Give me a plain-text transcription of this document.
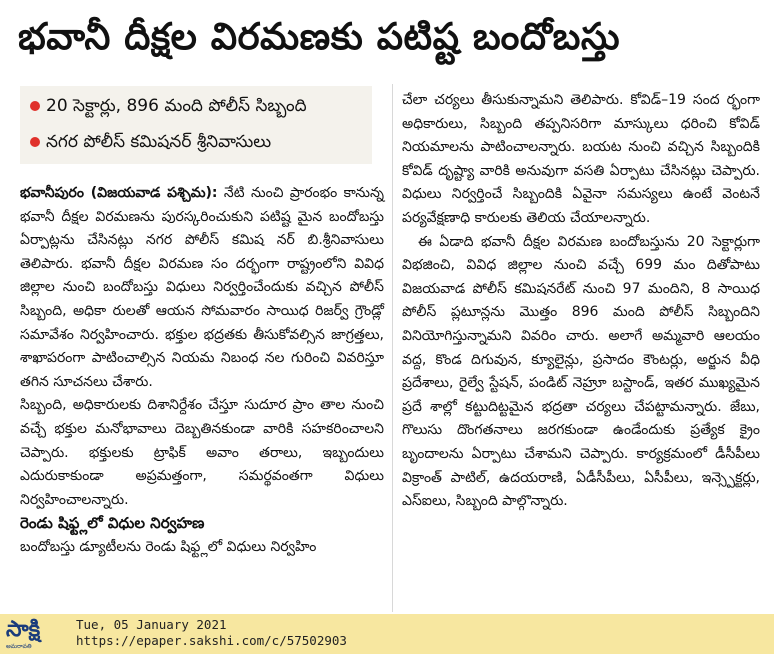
భవానీ దీక్షల విరమణకు పటిష్ట బందోబస్తు
20 సెక్టార్లు, 896 మంది పోలీస్ సిబ్బంది
నగర పోలీస్ కమిషనర్ శ్రీనివాసులు

భవానీపురం (విజయవాడ పశ్చిమ): నేటి నుంచి ప్రారంభం కానున్న భవానీ దీక్షల విరమణను పురస్కరించుకుని పటిష్ట మైన బందోబస్తు ఏర్పాట్లను చేసినట్లు నగర పోలీస్ కమిష నర్ బి.శ్రీనివాసులు తెలిపారు. భవానీ దీక్షల విరమణ సం దర్భంగా రాష్ట్రంలోని వివిధ జిల్లాల నుంచి బందోబస్తు విధులు నిర్వర్తించేందుకు వచ్చిన పోలీస్ సిబ్బంది, అధికా రులతో ఆయన సోమవారం సాయిధ రిజర్వ్ గ్రౌండ్లో సమావేశం నిర్వహించారు. భక్తుల భద్రతకు తీసుకోవల్సిన జాగ్రత్తలు, శాఖాపరంగా పాటించాల్సిన నియమ నిబంధ నల గురించి వివరిస్తూ తగిన సూచనలు చేశారు.

సిబ్బంది, అధికారులకు దిశానిర్దేశం చేస్తూ సుదూర ప్రాం తాల నుంచి వచ్చే భక్తుల మనోభావాలు దెబ్బతినకుండా వారికి సహకరించాలని చెప్పారు. భక్తులకు ట్రాఫిక్ అవాం తరాలు, ఇబ్బందులు ఎదురుకాకుండా అప్రమత్తంగా, సమర్థవంతగా విధులు నిర్వహించాలన్నారు.

రెండు షిఫ్ట్లలో విధుల నిర్వహణ

బందోబస్తు డ్యూటీలను రెండు షిఫ్ట్లలో విధులు నిర్వహిం

చేలా చర్యలు తీసుకున్నామని తెలిపారు. కోవిడ్–19 సంద ర్భంగా అధికారులు, సిబ్బంది తప్పనిసరిగా మాస్కులు ధరించి కోవిడ్ నియమాలను పాటించాలన్నారు. బయట నుంచి వచ్చిన సిబ్బందికి కోవిడ్ దృష్ట్యా వారికి అనువుగా వసతి ఏర్పాటు చేసినట్లు చెప్పారు. విధులు నిర్వర్తించే సిబ్బందికి ఏవైనా సమస్యలు ఉంటే వెంటనే పర్యవేక్షణాధి కారులకు తెలియ చేయాలన్నారు.

ఈ ఏడాది భవానీ దీక్షల విరమణ బందోబస్తును 20 సెక్టార్లుగా విభజించి, వివిధ జిల్లాల నుంచి వచ్చే 699 మం దితోపాటు విజయవాడ పోలీస్ కమిషనరేట్ నుంచి 97 మందిని, 8 సాయిధ పోలీస్ ప్లటూన్లను మొత్తం 896 మంది పోలీస్ సిబ్బందిని వినియోగిస్తున్నామని వివరిం చారు. అలాగే అమ్మవారి ఆలయం వద్ద, కొండ దిగువున, క్యూలైన్లు, ప్రసాదం కౌంటర్లు, అర్జున వీధి ప్రదేశాలు, రైల్వే స్టేషన్, పండిట్ నెహ్రూ బస్టాండ్, ఇతర ముఖ్యమైన ప్రదే శాల్లో కట్టుదిట్టమైన భద్రతా చర్యలు చేపట్టామన్నారు. జేబు, గొలుసు దొంగతనాలు జరగకుండా ఉండేందుకు ప్రత్యేక క్రైం బృందాలను ఏర్పాటు చేశామని చెప్పారు. కార్యక్రమంలో డీసీపీలు విక్రాంత్ పాటిల్, ఉదయరాణి, ఏడీసీపీలు, ఏసీపీలు, ఇన్స్పెక్టర్లు, ఎస్ఐలు, సిబ్బంది పాల్గొన్నారు.

సాక్షి
అమరావతి
Tue, 05 January 2021
https://epaper.sakshi.com/c/57502903
